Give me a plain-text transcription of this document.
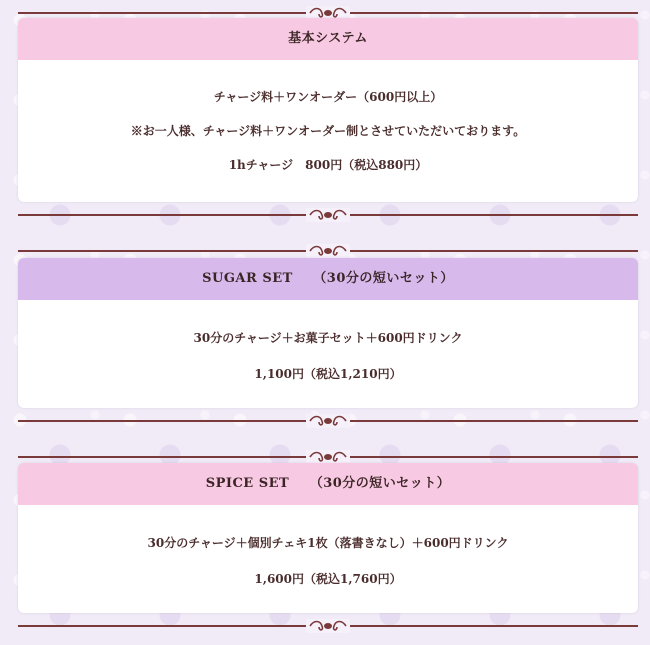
基本システム

チャージ料＋ワンオーダー（600円以上）

※お一人様、チャージ料＋ワンオーダー制とさせていただいております。

1hチャージ　800円（税込880円）

SUGAR SET　　（30分の短いセット）

30分のチャージ＋お菓子セット＋600円ドリンク

1,100円（税込1,210円）

SPICE SET　　（30分の短いセット）

30分のチャージ＋個別チェキ1枚（落書きなし）＋600円ドリンク

1,600円（税込1,760円）
